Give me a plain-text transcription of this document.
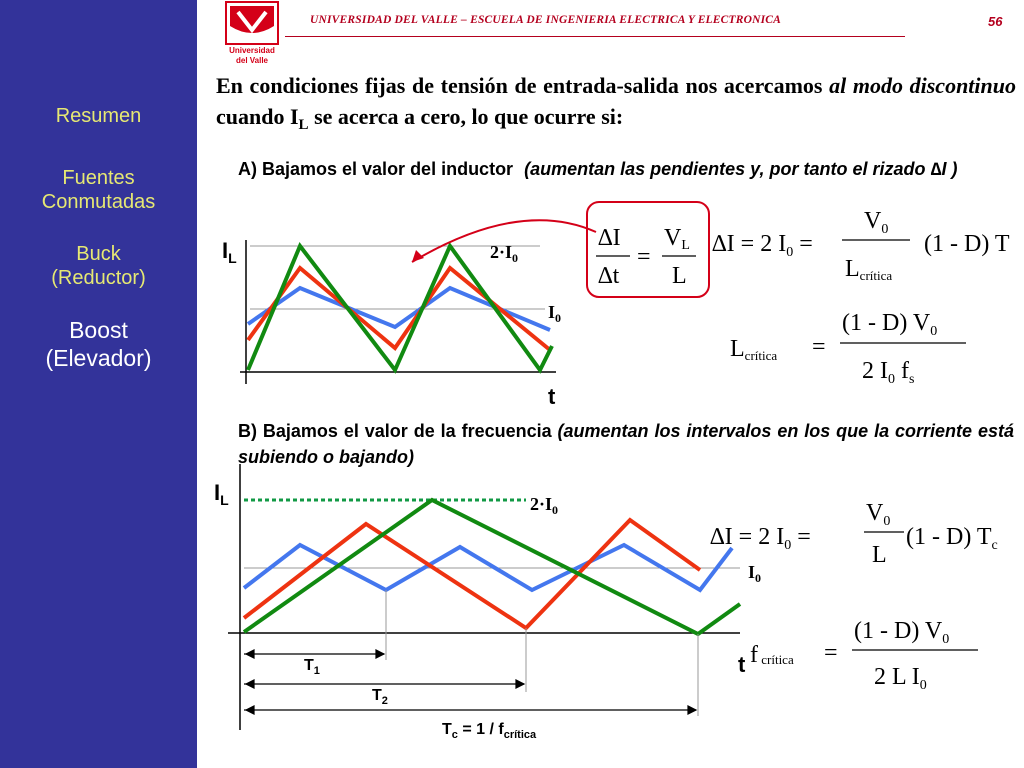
Resumen
Fuentes Conmutadas
Buck (Reductor)
Boost (Elevador)
Universidad
del Valle
UNIVERSIDAD DEL VALLE – ESCUELA DE INGENIERIA ELECTRICA Y ELECTRONICA	56
En condiciones fijas de tensión de entrada-salida nos acercamos al modo discontinuo cuando $I_L$ se acerca a cero, lo que ocurre si:
A) Bajamos el valor del inductor (aumentan las pendientes y, por tanto el rizado ∆I )
B) Bajamos el valor de la frecuencia (aumentan los intervalos en los que la corriente está subiendo o bajando)
$I_L$
t
$2\cdot I_0$
$I_0$
∆I
∆t
=
VL
L
∆I = 2 $I_0$ =
$V_0$
Lcrítica
(1 - D) T
Lcrítica =
(1 - D) $V_0$
2 $I_0$ $f_s$
$I_L$
t
$2\cdot I_0$
$I_0$
$T_1$
$T_2$
$T_c = 1 / f_{crítica}$
∆I = 2 $I_0$ =
$V_0$
L
(1 - D) $T_c$
f crítica =
(1 - D) $V_0$
2 L $I_0$
